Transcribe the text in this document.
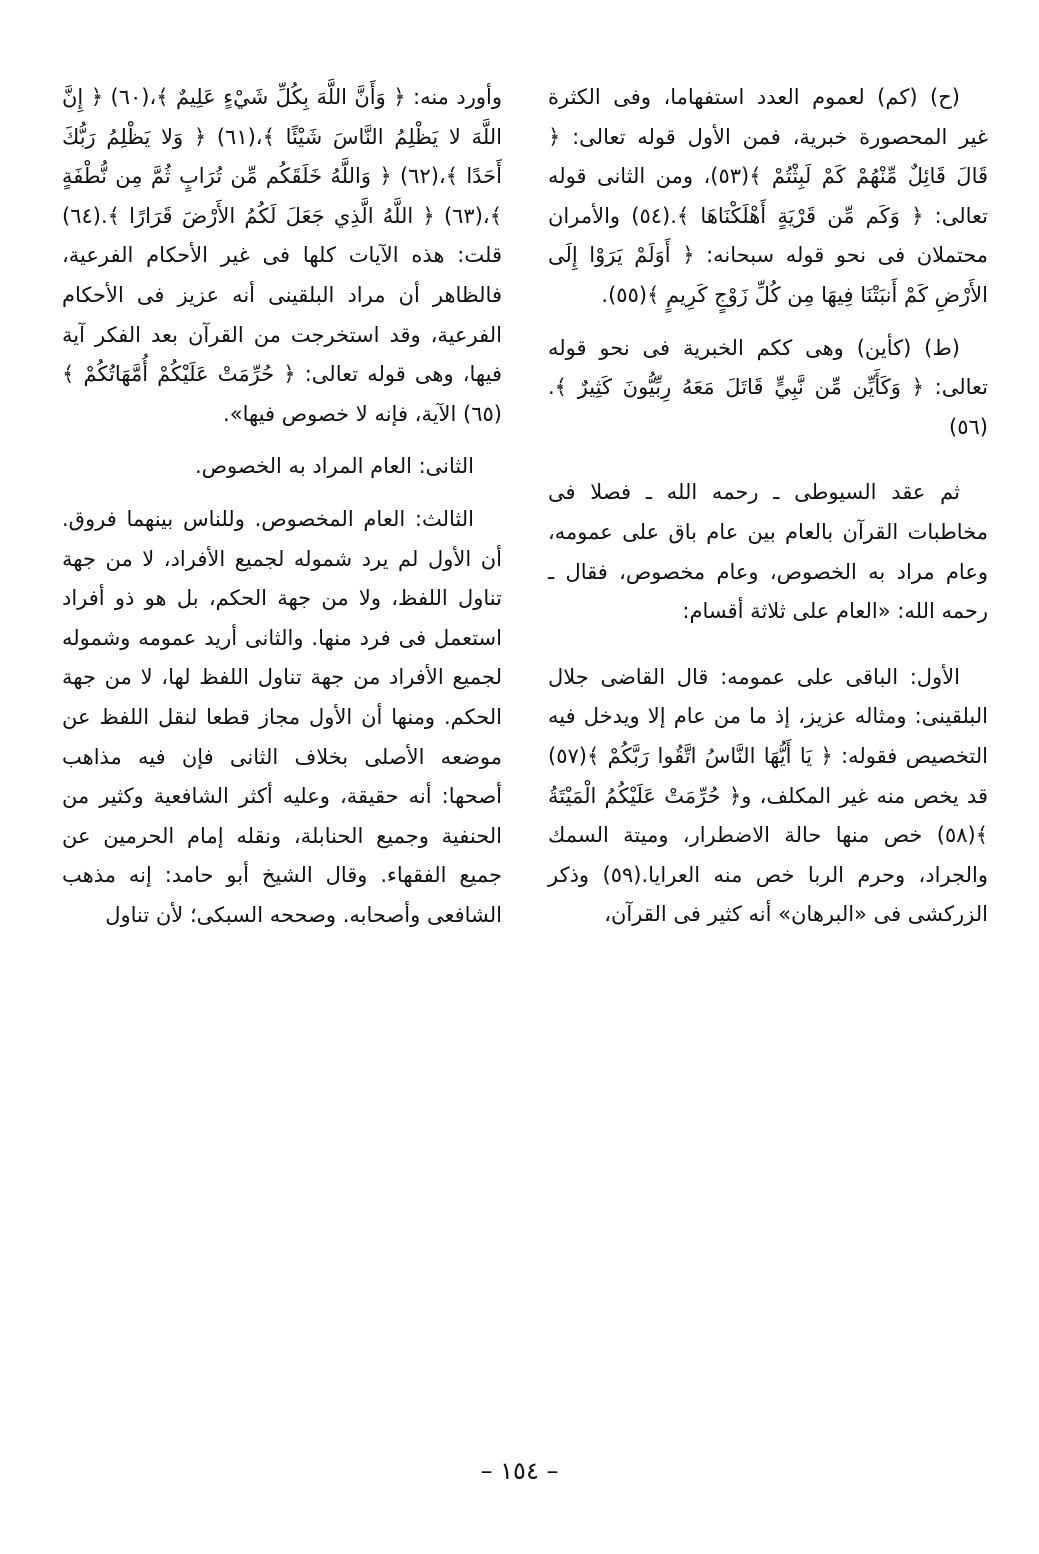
(ح) (كم) لعموم العدد استفهاما، وفى الكثرة غير المحصورة خبرية، فمن الأول قوله تعالى: ﴿ قَالَ قَائِلٌ مِّنْهُمْ كَمْ لَبِثْتُمْ ﴾(٥٣)، ومن الثانى قوله تعالى: ﴿ وَكَم مِّن قَرْيَةٍ أَهْلَكْنَاهَا ﴾.(٥٤) والأمران محتملان فى نحو قوله سبحانه: ﴿ أَوَلَمْ يَرَوْا إِلَى الأَرْضِ كَمْ أَنبَتْنَا فِيهَا مِن كُلِّ زَوْجٍ كَرِيمٍ ﴾(٥٥).

(ط) (كأين) وهى ككم الخبرية فى نحو قوله تعالى: ﴿ وَكَأَيِّن مِّن نَّبِيٍّ قَاتَلَ مَعَهُ رِبِّيُّونَ كَثِيرٌ ﴾.(٥٦)

ثم عقد السيوطى ـ رحمه الله ـ فصلا فى مخاطبات القرآن بالعام بين عام باق على عمومه، وعام مراد به الخصوص، وعام مخصوص، فقال ـ رحمه الله: «العام على ثلاثة أقسام:

الأول: الباقى على عمومه: قال القاضى جلال البلقينى: ومثاله عزيز، إذ ما من عام إلا ويدخل فيه التخصيص فقوله: ﴿ يَا أَيُّهَا النَّاسُ اتَّقُوا رَبَّكُمْ ﴾(٥٧) قد يخص منه غير المكلف، و﴿ حُرِّمَتْ عَلَيْكُمُ الْمَيْتَةُ ﴾(٥٨) خص منها حالة الاضطرار، وميتة السمك والجراد، وحرم الربا خص منه العرايا.(٥٩) وذكر الزركشى فى «البرهان» أنه كثير فى القرآن،

وأورد منه: ﴿ وَأَنَّ اللَّهَ بِكُلِّ شَيْءٍ عَلِيمٌ ﴾،(٦٠) ﴿ إِنَّ اللَّهَ لا يَظْلِمُ النَّاسَ شَيْئًا ﴾،(٦١) ﴿ وَلا يَظْلِمُ رَبُّكَ أَحَدًا ﴾،(٦٢) ﴿ وَاللَّهُ خَلَقَكُم مِّن تُرَابٍ ثُمَّ مِن نُّطْفَةٍ ﴾،(٦٣) ﴿ اللَّهُ الَّذِي جَعَلَ لَكُمُ الأَرْضَ قَرَارًا ﴾.(٦٤) قلت: هذه الآيات كلها فى غير الأحكام الفرعية، فالظاهر أن مراد البلقينى أنه عزيز فى الأحكام الفرعية، وقد استخرجت من القرآن بعد الفكر آية فيها، وهى قوله تعالى: ﴿ حُرِّمَتْ عَلَيْكُمْ أُمَّهَاتُكُمْ ﴾(٦٥) الآية، فإنه لا خصوص فيها».

الثانى: العام المراد به الخصوص.

الثالث: العام المخصوص. وللناس بينهما فروق. أن الأول لم يرد شموله لجميع الأفراد، لا من جهة تناول اللفظ، ولا من جهة الحكم، بل هو ذو أفراد استعمل فى فرد منها. والثانى أريد عمومه وشموله لجميع الأفراد من جهة تناول اللفظ لها، لا من جهة الحكم. ومنها أن الأول مجاز قطعا لنقل اللفظ عن موضعه الأصلى بخلاف الثانى فإن فيه مذاهب أصحها: أنه حقيقة، وعليه أكثر الشافعية وكثير من الحنفية وجميع الحنابلة، ونقله إمام الحرمين عن جميع الفقهاء. وقال الشيخ أبو حامد: إنه مذهب الشافعى وأصحابه. وصححه السبكى؛ لأن تناول

– ١٥٤ –
